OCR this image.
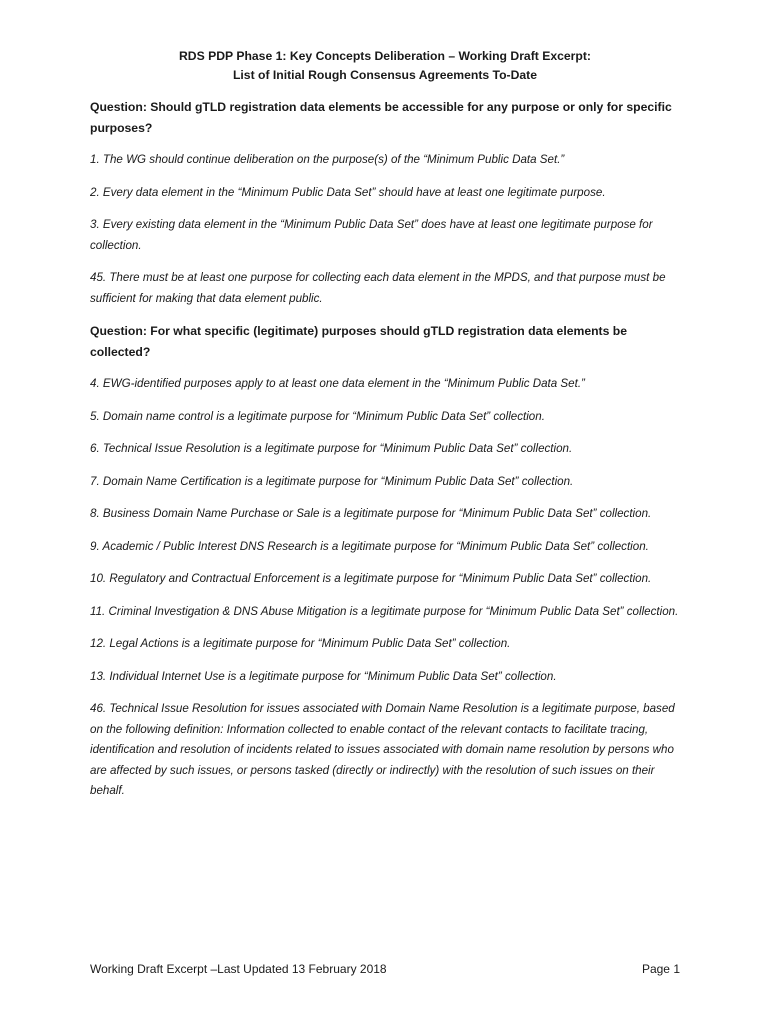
RDS PDP Phase 1: Key Concepts Deliberation – Working Draft Excerpt:
List of Initial Rough Consensus Agreements To-Date
Question: Should gTLD registration data elements be accessible for any purpose or only for specific purposes?
1. The WG should continue deliberation on the purpose(s) of the “Minimum Public Data Set.”
2. Every data element in the “Minimum Public Data Set” should have at least one legitimate purpose.
3. Every existing data element in the “Minimum Public Data Set” does have at least one legitimate purpose for collection.
45. There must be at least one purpose for collecting each data element in the MPDS, and that purpose must be sufficient for making that data element public.
Question: For what specific (legitimate) purposes should gTLD registration data elements be collected?
4. EWG-identified purposes apply to at least one data element in the “Minimum Public Data Set.”
5. Domain name control is a legitimate purpose for “Minimum Public Data Set” collection.
6. Technical Issue Resolution is a legitimate purpose for “Minimum Public Data Set” collection.
7. Domain Name Certification is a legitimate purpose for “Minimum Public Data Set” collection.
8. Business Domain Name Purchase or Sale is a legitimate purpose for “Minimum Public Data Set” collection.
9. Academic / Public Interest DNS Research is a legitimate purpose for “Minimum Public Data Set” collection.
10. Regulatory and Contractual Enforcement is a legitimate purpose for “Minimum Public Data Set” collection.
11. Criminal Investigation & DNS Abuse Mitigation is a legitimate purpose for “Minimum Public Data Set” collection.
12. Legal Actions is a legitimate purpose for “Minimum Public Data Set” collection.
13. Individual Internet Use is a legitimate purpose for “Minimum Public Data Set” collection.
46. Technical Issue Resolution for issues associated with Domain Name Resolution is a legitimate purpose, based on the following definition: Information collected to enable contact of the relevant contacts to facilitate tracing, identification and resolution of incidents related to issues associated with domain name resolution by persons who are affected by such issues, or persons tasked (directly or indirectly) with the resolution of such issues on their behalf.
Working Draft Excerpt –Last Updated 13 February 2018	Page 1
